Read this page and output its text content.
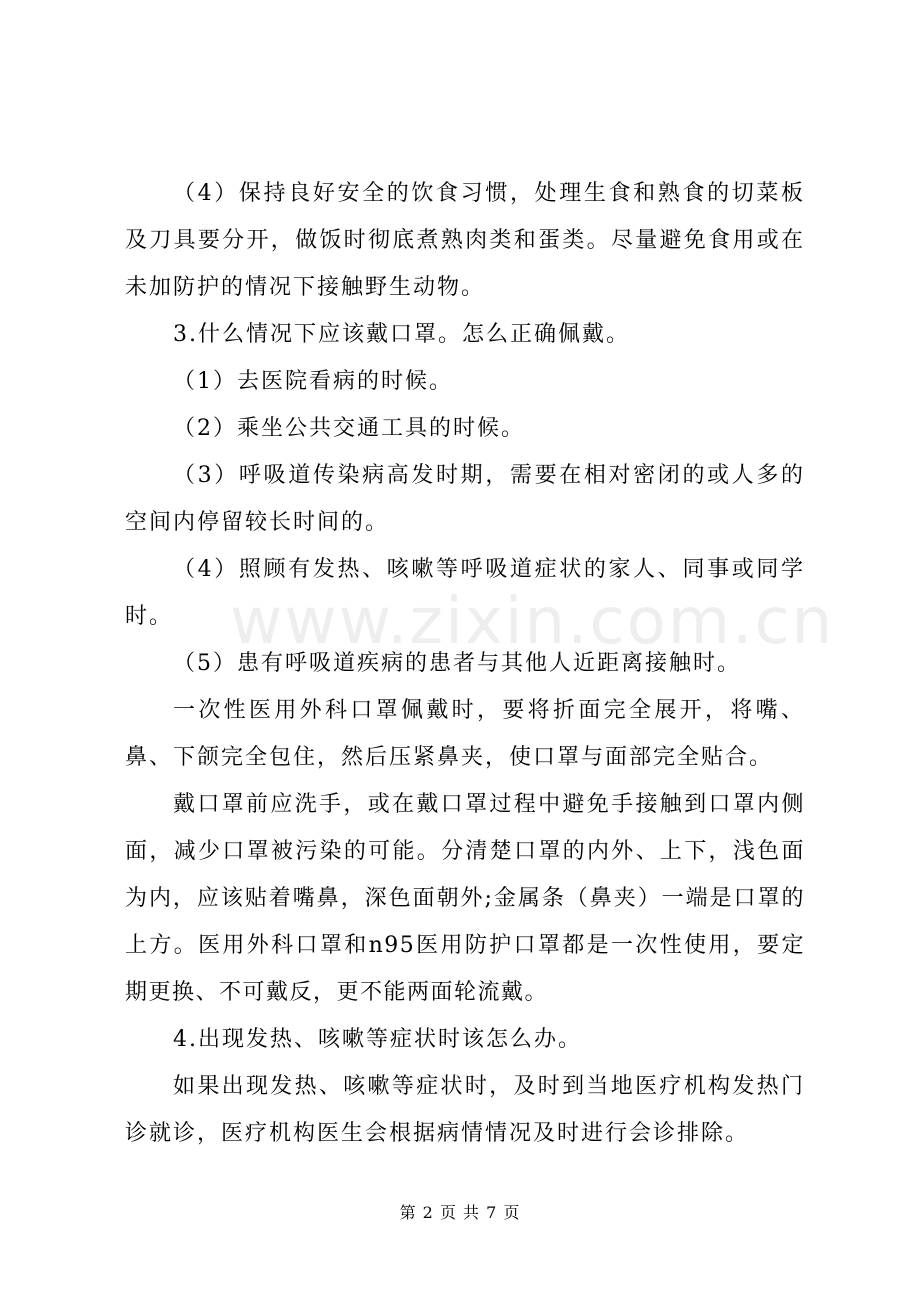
www.zixin.com.cn

（4）保持良好安全的饮食习惯，处理生食和熟食的切菜板及刀具要分开，做饭时彻底煮熟肉类和蛋类。尽量避免食用或在未加防护的情况下接触野生动物。

3.什么情况下应该戴口罩。怎么正确佩戴。

（1）去医院看病的时候。

（2）乘坐公共交通工具的时候。

（3）呼吸道传染病高发时期，需要在相对密闭的或人多的空间内停留较长时间的。

（4）照顾有发热、咳嗽等呼吸道症状的家人、同事或同学时。

（5）患有呼吸道疾病的患者与其他人近距离接触时。

一次性医用外科口罩佩戴时，要将折面完全展开，将嘴、鼻、下颌完全包住，然后压紧鼻夹，使口罩与面部完全贴合。

戴口罩前应洗手，或在戴口罩过程中避免手接触到口罩内侧面，减少口罩被污染的可能。分清楚口罩的内外、上下，浅色面为内，应该贴着嘴鼻，深色面朝外;金属条（鼻夹）一端是口罩的上方。医用外科口罩和n95医用防护口罩都是一次性使用，要定期更换、不可戴反，更不能两面轮流戴。

4.出现发热、咳嗽等症状时该怎么办。

如果出现发热、咳嗽等症状时，及时到当地医疗机构发热门诊就诊，医疗机构医生会根据病情情况及时进行会诊排除。

第 2 页 共 7 页
